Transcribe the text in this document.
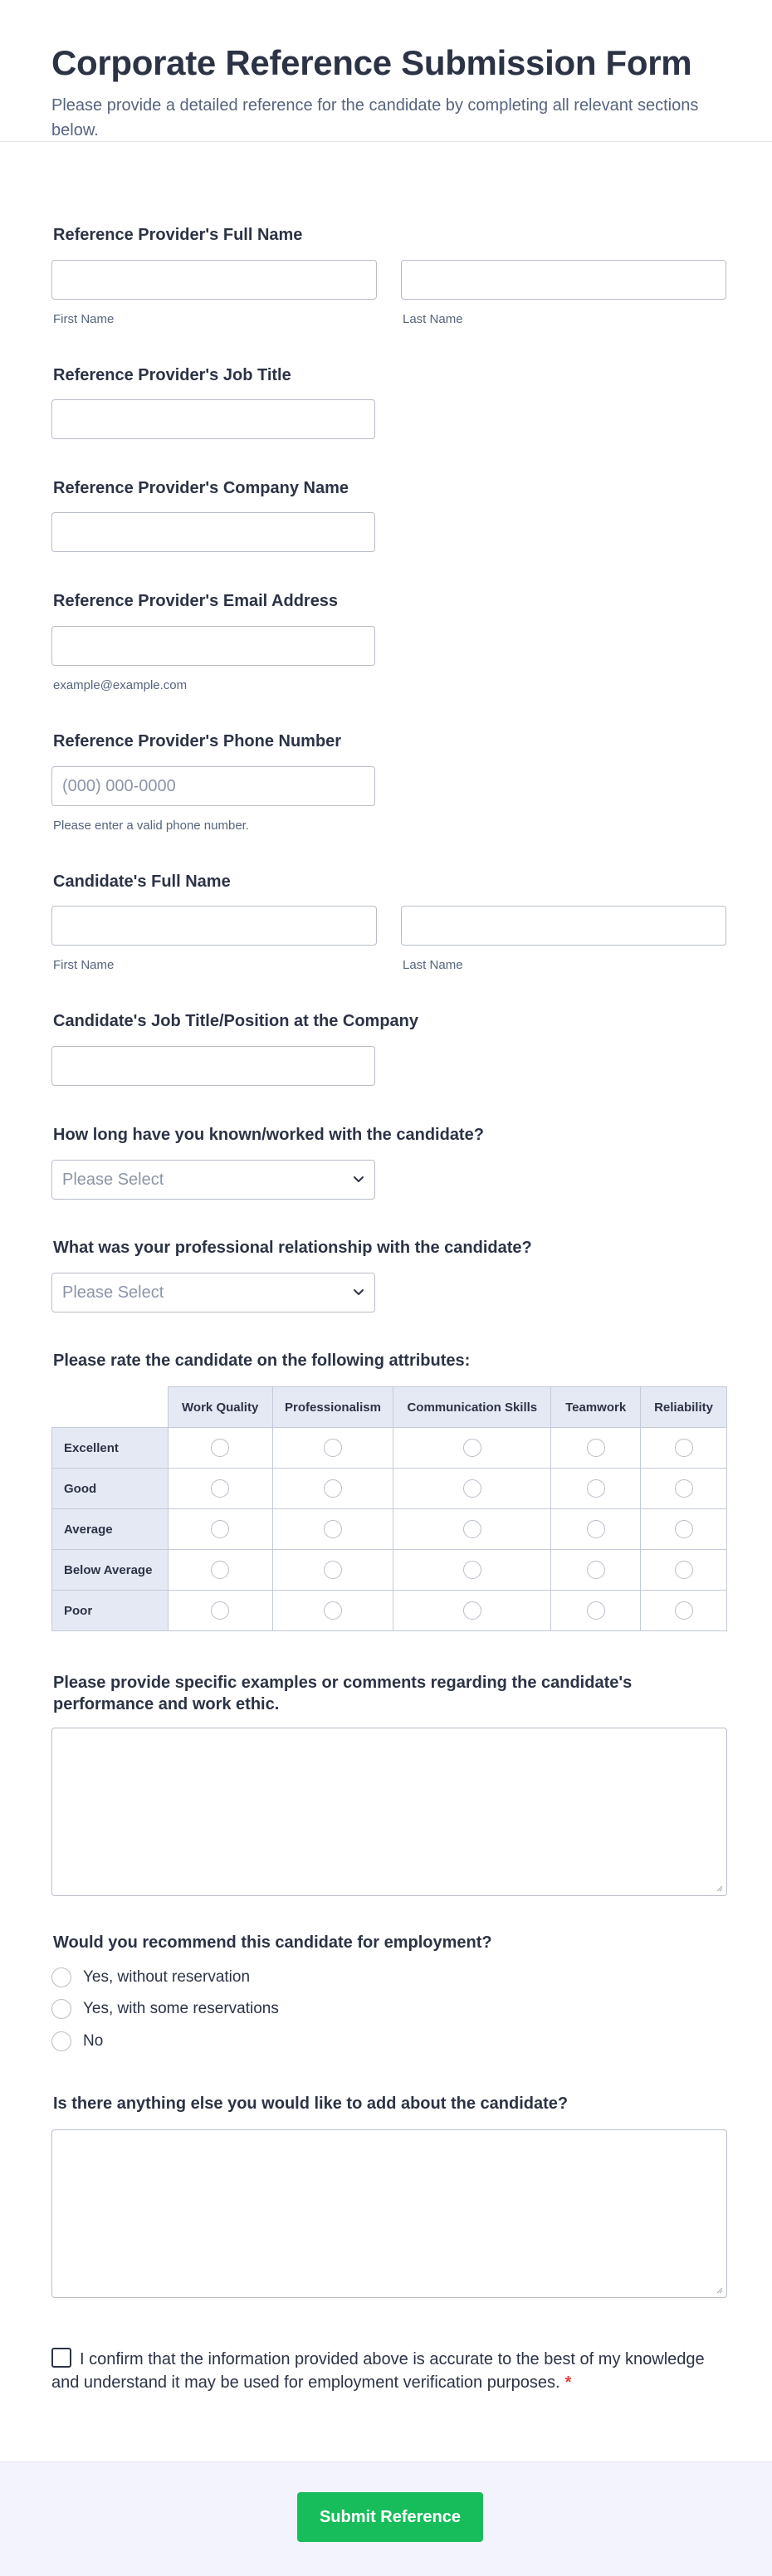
Corporate Reference Submission Form

Please provide a detailed reference for the candidate by completing all relevant sections below.

Reference Provider's Full Name
First Name	Last Name
Reference Provider's Job Title
Reference Provider's Company Name
Reference Provider's Email Address
example@example.com
Reference Provider's Phone Number
(000) 000-0000
Please enter a valid phone number.
Candidate's Full Name
First Name	Last Name
Candidate's Job Title/Position at the Company
How long have you known/worked with the candidate?
Please Select
What was your professional relationship with the candidate?
Please Select
Please rate the candidate on the following attributes:
	Work Quality	Professionalism	Communication Skills	Teamwork	Reliability
Excellent	

Good	

Average	

Below Average	

Poor	

Please provide specific examples or comments regarding the candidate's performance and work ethic.
Would you recommend this candidate for employment?
Yes, without reservation
Yes, with some reservations
No
Is there anything else you would like to add about the candidate?
I confirm that the information provided above is accurate to the best of my knowledge and understand it may be used for employment verification purposes. *
Submit Reference
